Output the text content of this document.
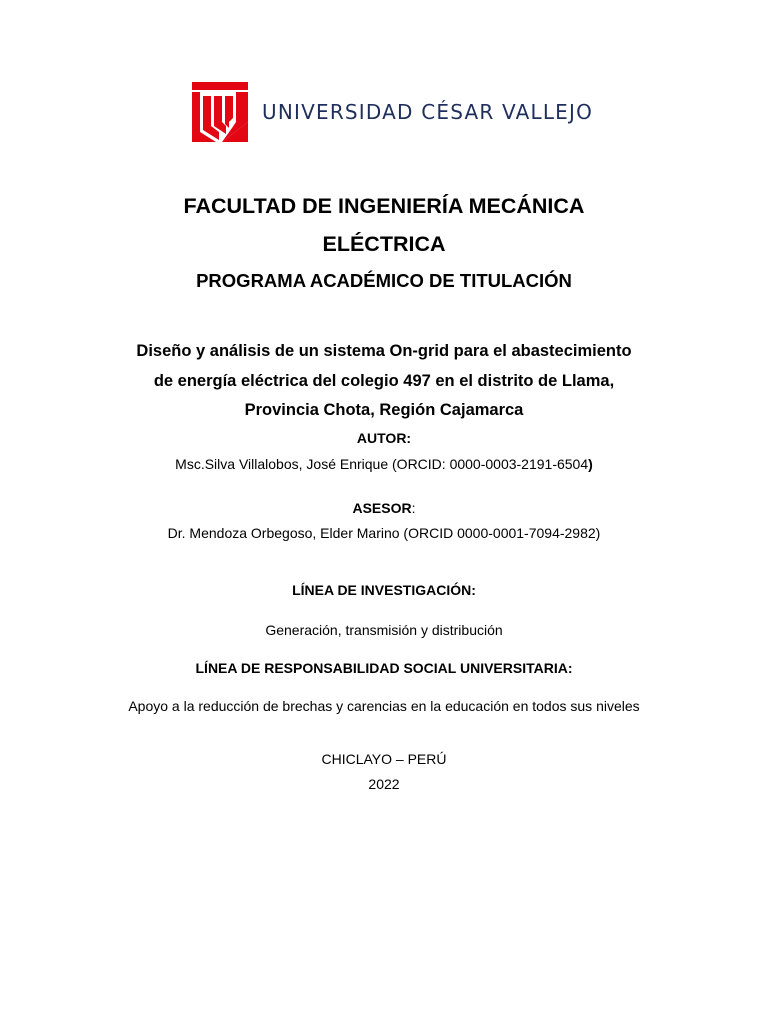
UNIVERSIDAD CÉSAR VALLEJO
FACULTAD DE INGENIERÍA MECÁNICA
ELÉCTRICA
PROGRAMA ACADÉMICO DE TITULACIÓN
Diseño y análisis de un sistema On-grid para el abastecimiento
de energía eléctrica del colegio 497 en el distrito de Llama,
Provincia Chota, Región Cajamarca
AUTOR:
Msc.Silva Villalobos, José Enrique (ORCID: 0000-0003-2191-6504)
ASESOR:
Dr. Mendoza Orbegoso, Elder Marino (ORCID 0000-0001-7094-2982)
LÍNEA DE INVESTIGACIÓN:
Generación, transmisión y distribución
LÍNEA DE RESPONSABILIDAD SOCIAL UNIVERSITARIA:
Apoyo a la reducción de brechas y carencias en la educación en todos sus niveles
CHICLAYO – PERÚ
2022
